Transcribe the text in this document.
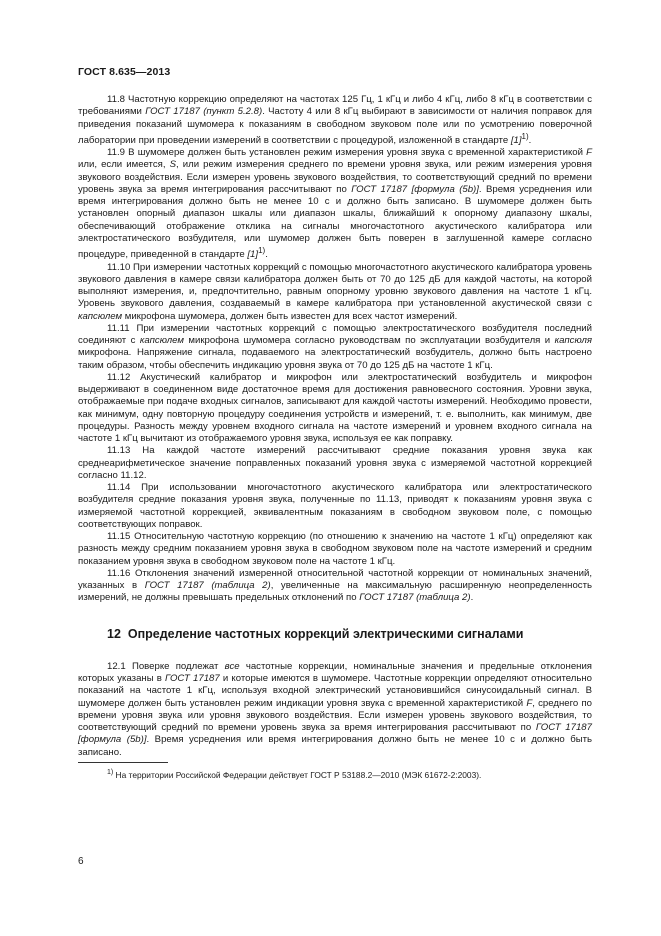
ГОСТ 8.635—2013

11.8 Частотную коррекцию определяют на частотах 125 Гц, 1 кГц и либо 4 кГц, либо 8 кГц в соответствии с требованиями ГОСТ 17187 (пункт 5.2.8). Частоту 4 или 8 кГц выбирают в зависимости от наличия поправок для приведения показаний шумомера к показаниям в свободном звуковом поле или по усмотрению поверочной лаборатории при проведении измерений в соответствии с процедурой, изложенной в стандарте $[1]^{1)}$.

11.9 В шумомере должен быть установлен режим измерения уровня звука с временной характеристикой F или, если имеется, S, или режим измерения среднего по времени уровня звука, или режим измерения уровня звукового воздействия. Если измерен уровень звукового воздействия, то соответствующий средний по времени уровень звука за время интегрирования рассчитывают по ГОСТ 17187 [формула (5b)]. Время усреднения или время интегрирования должно быть не менее 10 с и должно быть записано. В шумомере должен быть установлен опорный диапазон шкалы или диапазон шкалы, ближайший к опорному диапазону шкалы, обеспечивающий отображение отклика на сигналы многочастотного акустического калибратора или электростатического возбудителя, или шумомер должен быть поверен в заглушенной камере согласно процедуре, приведенной в стандарте $[1]^{1)}$.

11.10 При измерении частотных коррекций с помощью многочастотного акустического калибратора уровень звукового давления в камере связи калибратора должен быть от 70 до 125 дБ для каждой частоты, на которой выполняют измерения, и, предпочтительно, равным опорному уровню звукового давления на частоте 1 кГц. Уровень звукового давления, создаваемый в камере калибратора при установленной акустической связи с капсюлем микрофона шумомера, должен быть известен для всех частот измерений.

11.11 При измерении частотных коррекций с помощью электростатического возбудителя последний соединяют с капсюлем микрофона шумомера согласно руководствам по эксплуатации возбудителя и капсюля микрофона. Напряжение сигнала, подаваемого на электростатический возбудитель, должно быть настроено таким образом, чтобы обеспечить индикацию уровня звука от 70 до 125 дБ на частоте 1 кГц.

11.12 Акустический калибратор и микрофон или электростатический возбудитель и микрофон выдерживают в соединенном виде достаточное время для достижения равновесного состояния. Уровни звука, отображаемые при подаче входных сигналов, записывают для каждой частоты измерений. Необходимо провести, как минимум, одну повторную процедуру соединения устройств и измерений, т. е. выполнить, как минимум, две процедуры. Разность между уровнем входного сигнала на частоте измерений и уровнем входного сигнала на частоте 1 кГц вычитают из отображаемого уровня звука, используя ее как поправку.

11.13 На каждой частоте измерений рассчитывают средние показания уровня звука как среднеарифметическое значение поправленных показаний уровня звука с измеряемой частотной коррекцией согласно 11.12.

11.14 При использовании многочастотного акустического калибратора или электростатического возбудителя средние показания уровня звука, полученные по 11.13, приводят к показаниям уровня звука с измеряемой частотной коррекцией, эквивалентным показаниям в свободном звуковом поле, с помощью соответствующих поправок.

11.15 Относительную частотную коррекцию (по отношению к значению на частоте 1 кГц) определяют как разность между средним показанием уровня звука в свободном звуковом поле на частоте измерений и средним показанием уровня звука в свободном звуковом поле на частоте 1 кГц.

11.16 Отклонения значений измеренной относительной частотной коррекции от номинальных значений, указанных в ГОСТ 17187 (таблица 2), увеличенные на максимальную расширенную неопределенность измерений, не должны превышать предельных отклонений по ГОСТ 17187 (таблица 2).

12 Определение частотных коррекций электрическими сигналами

12.1 Поверке подлежат все частотные коррекции, номинальные значения и предельные отклонения которых указаны в ГОСТ 17187 и которые имеются в шумомере. Частотные коррекции определяют относительно показаний на частоте 1 кГц, используя входной электрический установившийся синусоидальный сигнал. В шумомере должен быть установлен режим индикации уровня звука с временной характеристикой F, среднего по времени уровня звука или уровня звукового воздействия. Если измерен уровень звукового воздействия, то соответствующий средний по времени уровень звука за время интегрирования рассчитывают по ГОСТ 17187 [формула (5b)]. Время усреднения или время интегрирования должно быть не менее 10 с и должно быть записано.

$^{1)}$ На территории Российской Федерации действует ГОСТ Р 53188.2—2010 (МЭК 61672-2:2003).

6
